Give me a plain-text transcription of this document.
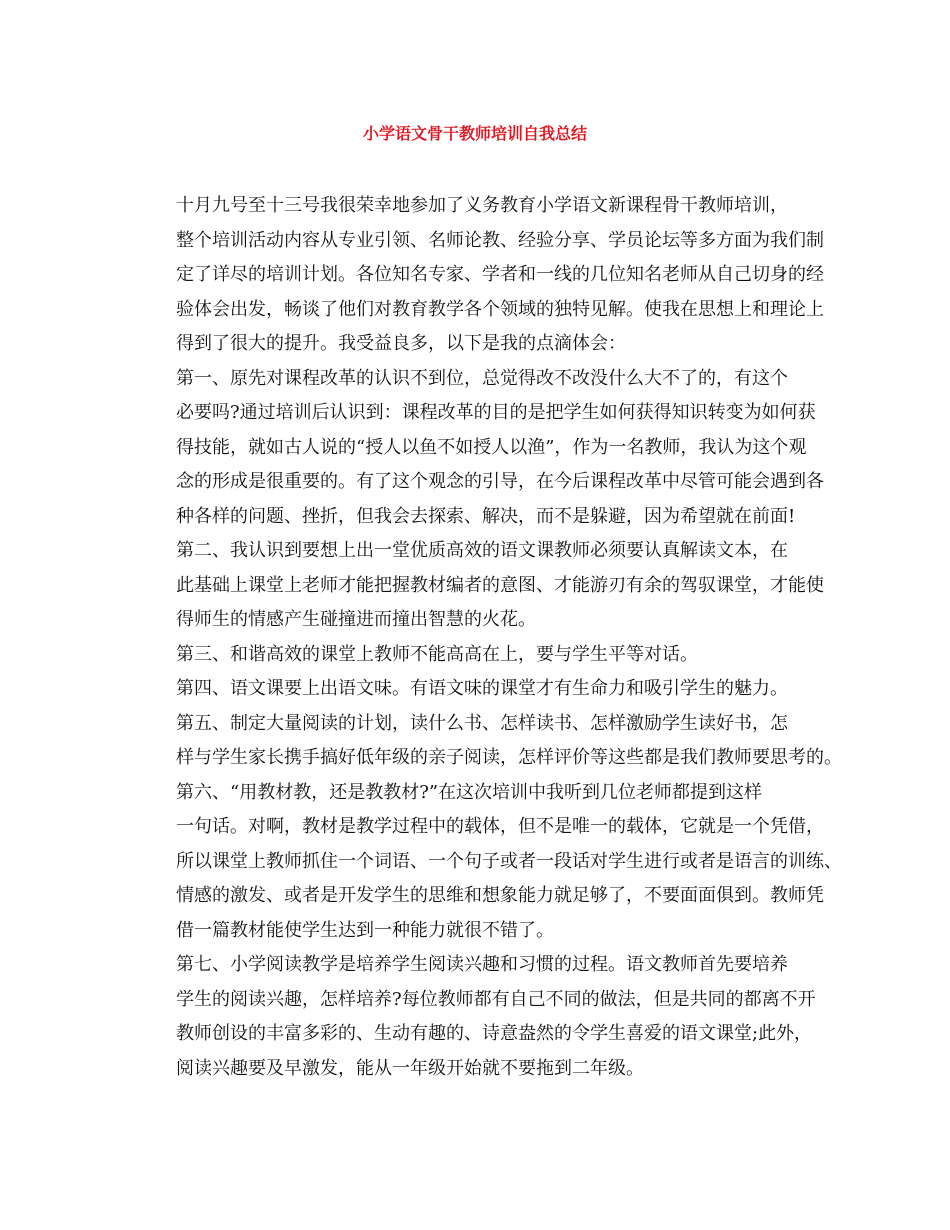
小学语文骨干教师培训自我总结

十月九号至十三号我很荣幸地参加了义务教育小学语文新课程骨干教师培训，
整个培训活动内容从专业引领、名师论教、经验分享、学员论坛等多方面为我们制
定了详尽的培训计划。各位知名专家、学者和一线的几位知名老师从自己切身的经
验体会出发，畅谈了他们对教育教学各个领域的独特见解。使我在思想上和理论上
得到了很大的提升。我受益良多，以下是我的点滴体会：

第一、原先对课程改革的认识不到位，总觉得改不改没什么大不了的，有这个
必要吗?通过培训后认识到：课程改革的目的是把学生如何获得知识转变为如何获
得技能，就如古人说的“授人以鱼不如授人以渔”，作为一名教师，我认为这个观
念的形成是很重要的。有了这个观念的引导，在今后课程改革中尽管可能会遇到各
种各样的问题、挫折，但我会去探索、解决，而不是躲避，因为希望就在前面!

第二、我认识到要想上出一堂优质高效的语文课教师必须要认真解读文本，在
此基础上课堂上老师才能把握教材编者的意图、才能游刃有余的驾驭课堂，才能使
得师生的情感产生碰撞进而撞出智慧的火花。

第三、和谐高效的课堂上教师不能高高在上，要与学生平等对话。

第四、语文课要上出语文味。有语文味的课堂才有生命力和吸引学生的魅力。

第五、制定大量阅读的计划，读什么书、怎样读书、怎样激励学生读好书，怎
样与学生家长携手搞好低年级的亲子阅读，怎样评价等这些都是我们教师要思考的。

第六、“用教材教，还是教教材?”在这次培训中我听到几位老师都提到这样
一句话。对啊，教材是教学过程中的载体，但不是唯一的载体，它就是一个凭借，
所以课堂上教师抓住一个词语、一个句子或者一段话对学生进行或者是语言的训练、
情感的激发、或者是开发学生的思维和想象能力就足够了，不要面面俱到。教师凭
借一篇教材能使学生达到一种能力就很不错了。

第七、小学阅读教学是培养学生阅读兴趣和习惯的过程。语文教师首先要培养
学生的阅读兴趣，怎样培养?每位教师都有自己不同的做法，但是共同的都离不开
教师创设的丰富多彩的、生动有趣的、诗意盎然的令学生喜爱的语文课堂;此外，
阅读兴趣要及早激发，能从一年级开始就不要拖到二年级。
